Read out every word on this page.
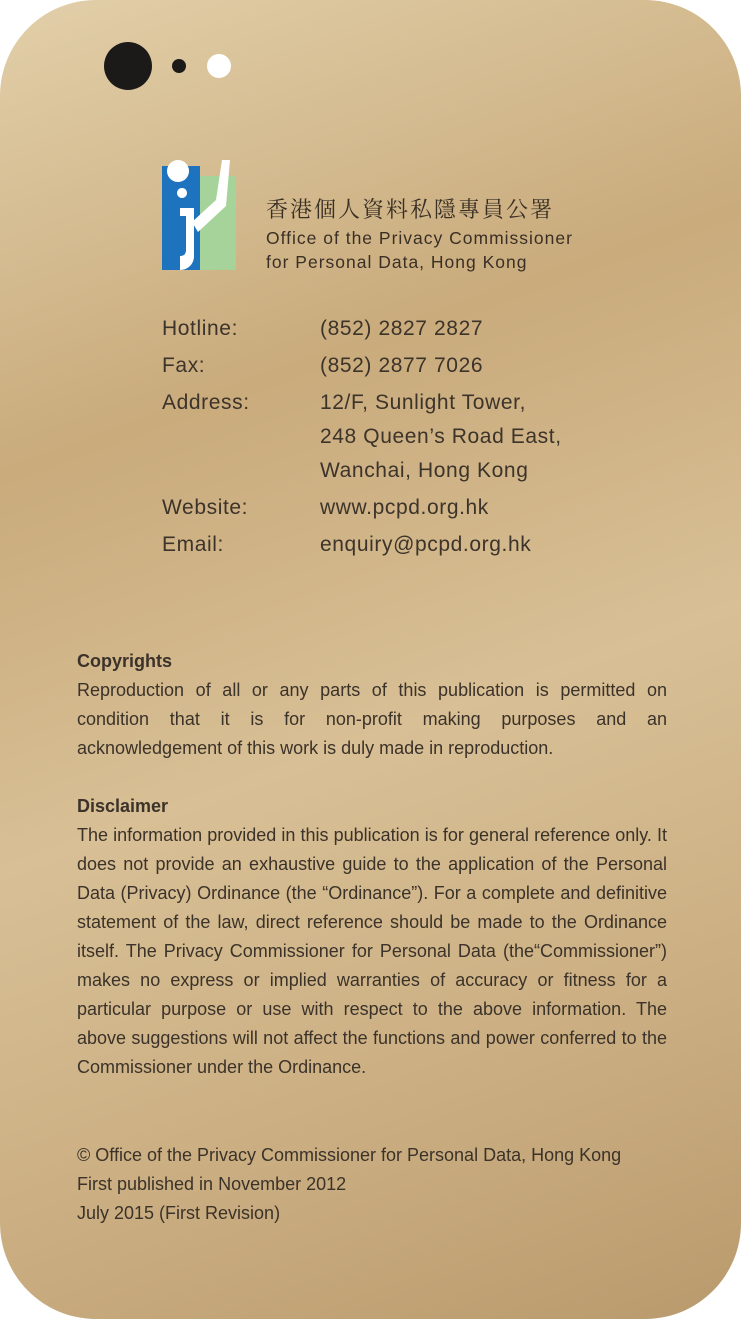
香港個人資料私隱專員公署
Office of the Privacy Commissioner
for Personal Data, Hong Kong
Hotline:	(852) 2827 2827
Fax:	(852) 2877 7026
Address:	12/F, Sunlight Tower,
248 Queen’s Road East,
Wanchai, Hong Kong
Website:	www.pcpd.org.hk
Email:	enquiry@pcpd.org.hk
Copyrights
Reproduction of all or any parts of this publication is permitted on condition that it is for non-profit making purposes and an acknowledgement of this work is duly made in reproduction.
Disclaimer
The information provided in this publication is for general reference only. It does not provide an exhaustive guide to the application of the Personal Data (Privacy) Ordinance (the “Ordinance”). For a complete and definitive statement of the law, direct reference should be made to the Ordinance itself. The Privacy Commissioner for Personal Data (the“Commissioner”) makes no express or implied warranties of accuracy or fitness for a particular purpose or use with respect to the above information. The above suggestions will not affect the functions and power conferred to the Commissioner under the Ordinance.
© Office of the Privacy Commissioner for Personal Data, Hong Kong
First published in November 2012
July 2015 (First Revision)
